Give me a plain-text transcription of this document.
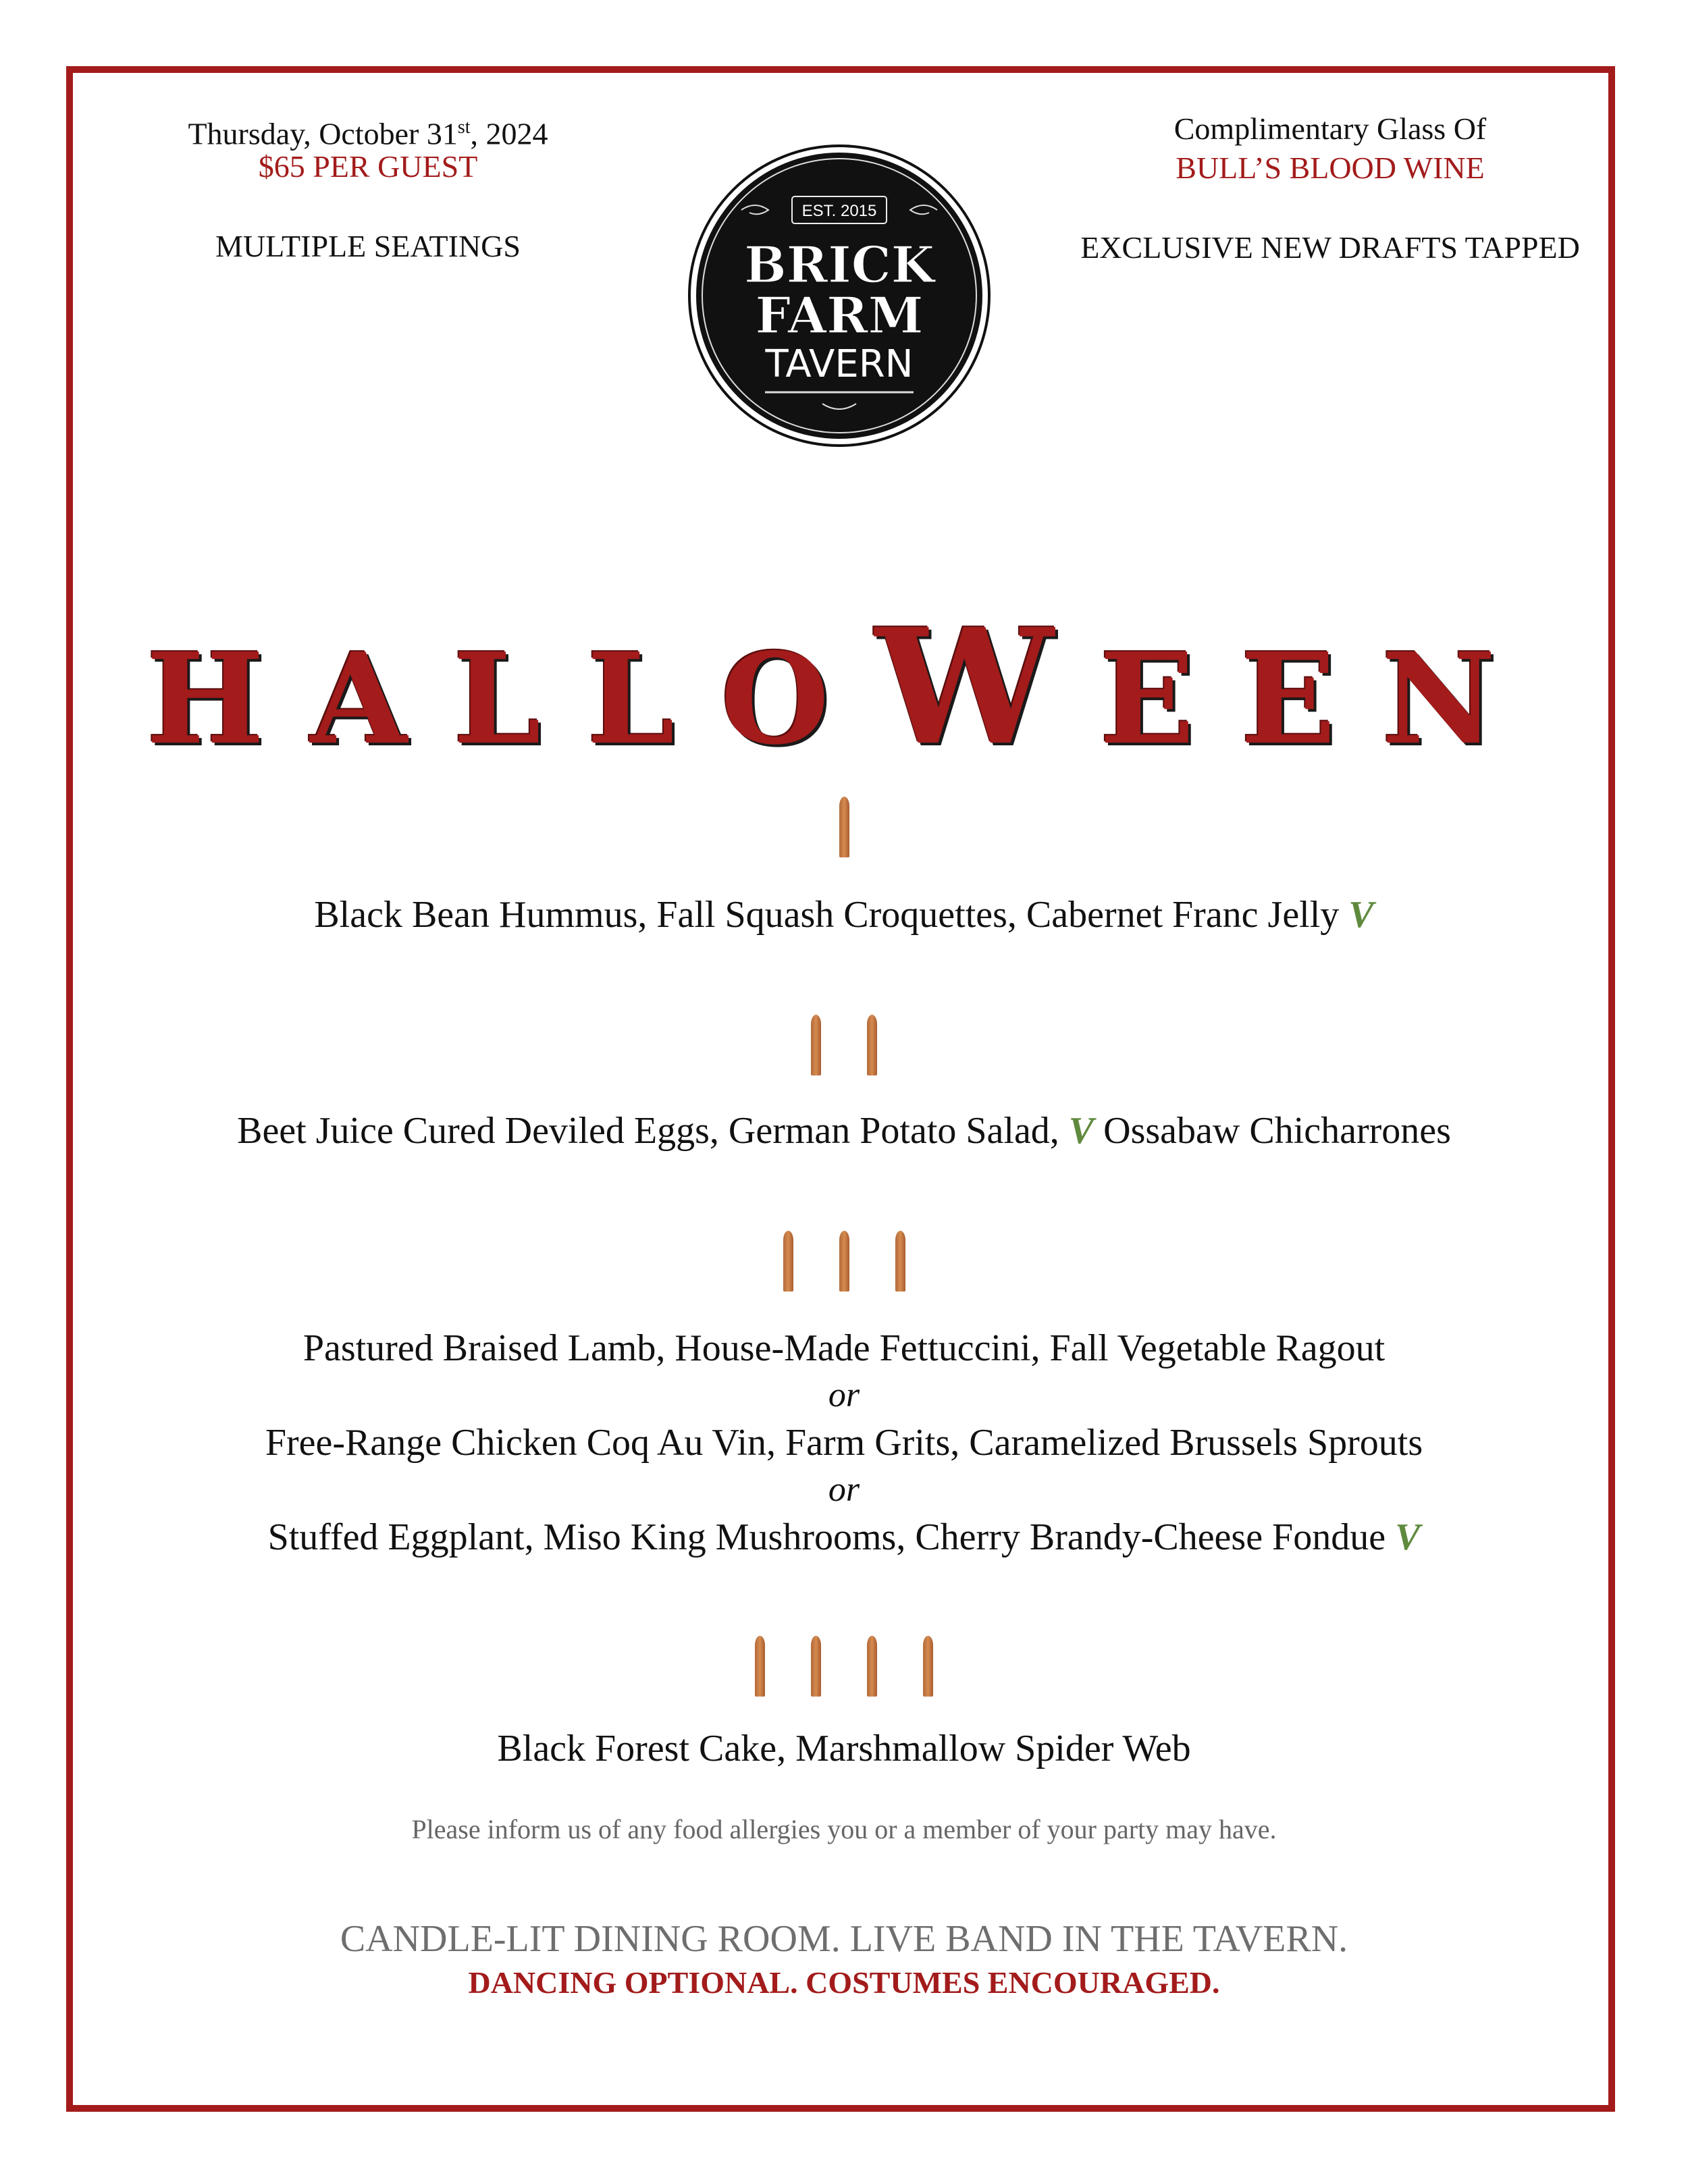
Thursday, October 31st, 2024
$65 PER GUEST
MULTIPLE SEATINGS
Complimentary Glass Of
BULL’S BLOOD WINE
EXCLUSIVE NEW DRAFTS TAPPED
EST. 2015
BRICK
FARM
TAVERN
HALLOWEEN
Black Bean Hummus, Fall Squash Croquettes, Cabernet Franc Jelly V
Beet Juice Cured Deviled Eggs, German Potato Salad, V Ossabaw Chicharrones
Pastured Braised Lamb, House-Made Fettuccini, Fall Vegetable Ragout
or
Free-Range Chicken Coq Au Vin, Farm Grits, Caramelized Brussels Sprouts
or
Stuffed Eggplant, Miso King Mushrooms, Cherry Brandy-Cheese Fondue V
Black Forest Cake, Marshmallow Spider Web
Please inform us of any food allergies you or a member of your party may have.
CANDLE-LIT DINING ROOM. LIVE BAND IN THE TAVERN.
DANCING OPTIONAL. COSTUMES ENCOURAGED.
